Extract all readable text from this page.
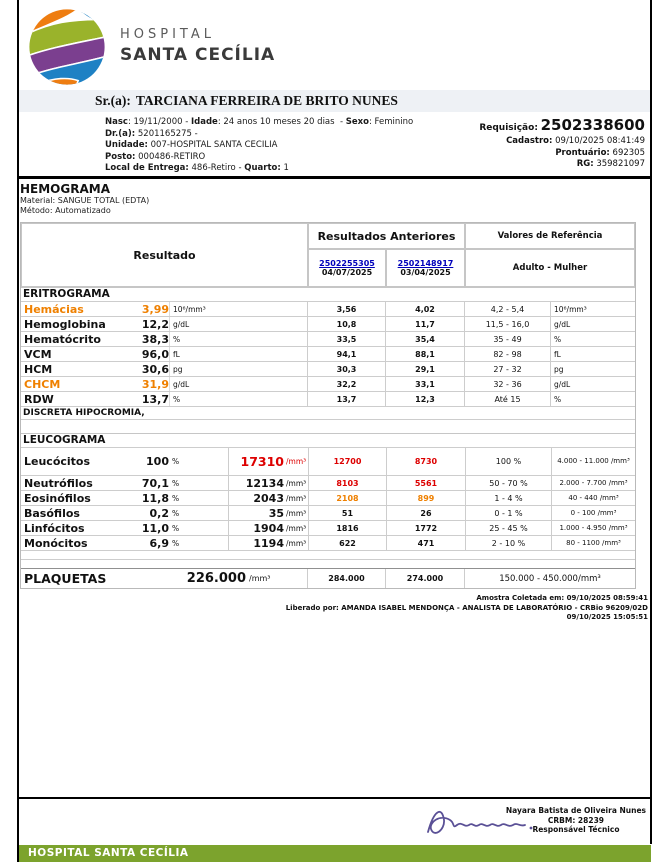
HOSPITAL
SANTA CECÍLIA
Sr.(a): TARCIANA FERREIRA DE BRITO NUNES
Nasc: 19/11/2000 - Idade: 24 anos 10 meses 20 dias  - Sexo: Feminino
Dr.(a): 5201165275 -
Unidade: 007-HOSPITAL SANTA CECILIA
Posto: 000486-RETIRO
Local de Entrega: 486-Retiro - Quarto: 1
Requisição: 2502338600
Cadastro: 09/10/2025 08:41:49
Prontuário: 692305
RG: 359821097
HEMOGRAMA
Material: SANGUE TOTAL (EDTA)
Método: Automatizado
Resultado
Resultados Anteriores	Valores de Referência
2502255305
04/07/2025
2502148917
03/04/2025	Adulto - Mulher
ERITROGRAMA
Hemácias	3,99 10⁶/mm³	3,56	4,02	4,2 - 5,4	10⁶/mm³
Hemoglobina	12,2 g/dL	10,8	11,7	11,5 - 16,0	g/dL
Hematócrito	38,3 %	33,5	35,4	35 - 49	%
VCM	96,0 fL	94,1	88,1	82 - 98	fL
HCM	30,6 pg	30,3	29,1	27 - 32	pg
CHCM	31,9 g/dL	32,2	33,1	32 - 36	g/dL
RDW	13,7 %	13,7	12,3	Até 15	%
DISCRETA HIPOCROMIA,
LEUCOGRAMA
Leucócitos	100 %	17310 /mm³	12700	8730	100 %	4.000 - 11.000 /mm³
Neutrófilos	70,1 %	12134 /mm³	8103	5561	50 - 70 %	2.000 - 7.700 /mm³
Eosinófilos	11,8 %	2043 /mm³	2108	899	1 - 4 %	40 - 440 /mm³
Basófilos	0,2 %	35 /mm³	51	26	0 - 1 %	0 - 100 /mm³
Linfócitos	11,0 %	1904 /mm³	1816	1772	25 - 45 %	1.000 - 4.950 /mm³
Monócitos	6,9 %	1194 /mm³	622	471	2 - 10 %	80 - 1100 /mm³
PLAQUETAS	226.000 /mm³	284.000	274.000	150.000 - 450.000/mm³
Amostra Coletada em: 09/10/2025 08:59:41
Liberado por: AMANDA ISABEL MENDONÇA - ANALISTA DE LABORATÓRIO - CRBio 96209/02D
09/10/2025 15:05:51
Nayara Batista de Oliveira Nunes
CRBM: 28239
Responsável Técnico
HOSPITAL SANTA CECÍLIA
